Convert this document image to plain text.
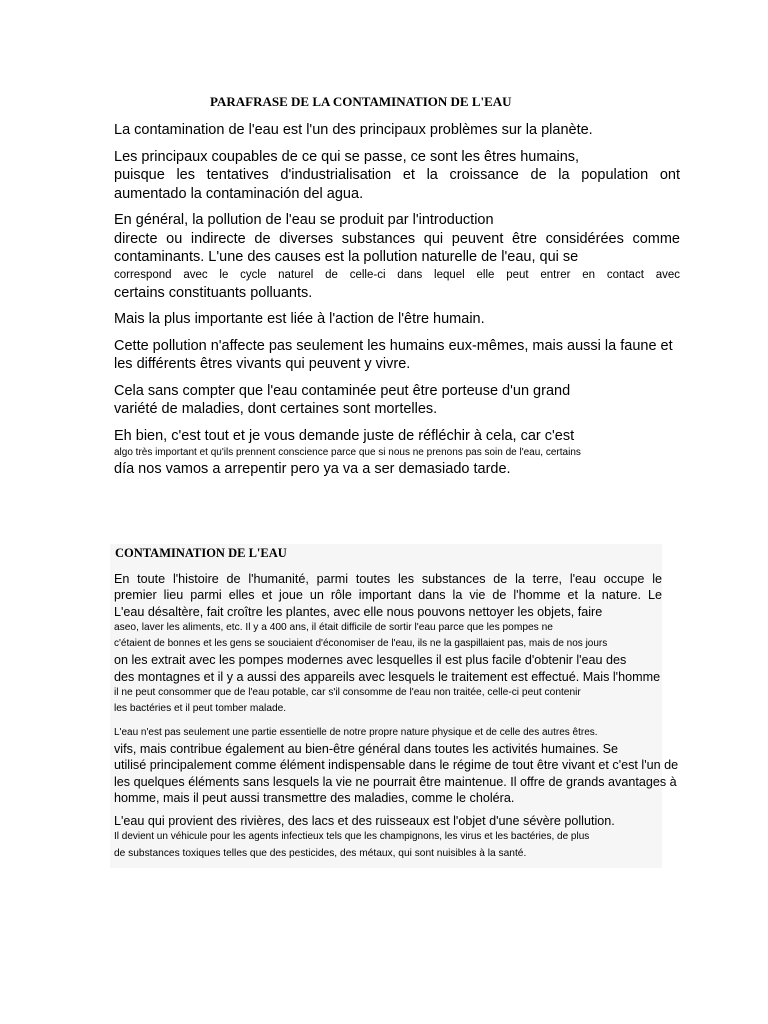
PARAFRASE DE LA CONTAMINATION DE L'EAU
La contamination de l'eau est l'un des principaux problèmes sur la planète.
Les principaux coupables de ce qui se passe, ce sont les êtres humains,
puisque les tentatives d'industrialisation et la croissance de la population ont
aumentado la contaminación del agua.
En général, la pollution de l'eau se produit par l'introduction
directe ou indirecte de diverses substances qui peuvent être considérées comme
contaminants. L'une des causes est la pollution naturelle de l'eau, qui se
correspond avec le cycle naturel de celle-ci dans lequel elle peut entrer en contact avec
certains constituants polluants.
Mais la plus importante est liée à l'action de l'être humain.
Cette pollution n'affecte pas seulement les humains eux-mêmes, mais aussi la faune et
les différents êtres vivants qui peuvent y vivre.
Cela sans compter que l'eau contaminée peut être porteuse d'un grand
variété de maladies, dont certaines sont mortelles.
Eh bien, c'est tout et je vous demande juste de réfléchir à cela, car c'est
algo très important et qu'ils prennent conscience parce que si nous ne prenons pas soin de l'eau, certains
día nos vamos a arrepentir pero ya va a ser demasiado tarde.
CONTAMINATION DE L'EAU
En toute l'histoire de l'humanité, parmi toutes les substances de la terre, l'eau occupe le
premier lieu parmi elles et joue un rôle important dans la vie de l'homme et la nature. Le
L'eau désaltère, fait croître les plantes, avec elle nous pouvons nettoyer les objets, faire
aseo, laver les aliments, etc. Il y a 400 ans, il était difficile de sortir l'eau parce que les pompes ne
c'étaient de bonnes et les gens se souciaient d'économiser de l'eau, ils ne la gaspillaient pas, mais de nos jours
on les extrait avec les pompes modernes avec lesquelles il est plus facile d'obtenir l'eau des
des montagnes et il y a aussi des appareils avec lesquels le traitement est effectué. Mais l'homme
il ne peut consommer que de l'eau potable, car s'il consomme de l'eau non traitée, celle-ci peut contenir
les bactéries et il peut tomber malade.
L'eau n'est pas seulement une partie essentielle de notre propre nature physique et de celle des autres êtres.
vifs, mais contribue également au bien-être général dans toutes les activités humaines. Se
utilisé principalement comme élément indispensable dans le régime de tout être vivant et c'est l'un de
les quelques éléments sans lesquels la vie ne pourrait être maintenue. Il offre de grands avantages à
homme, mais il peut aussi transmettre des maladies, comme le choléra.
L'eau qui provient des rivières, des lacs et des ruisseaux est l'objet d'une sévère pollution.
Il devient un véhicule pour les agents infectieux tels que les champignons, les virus et les bactéries, de plus
de substances toxiques telles que des pesticides, des métaux, qui sont nuisibles à la santé.
